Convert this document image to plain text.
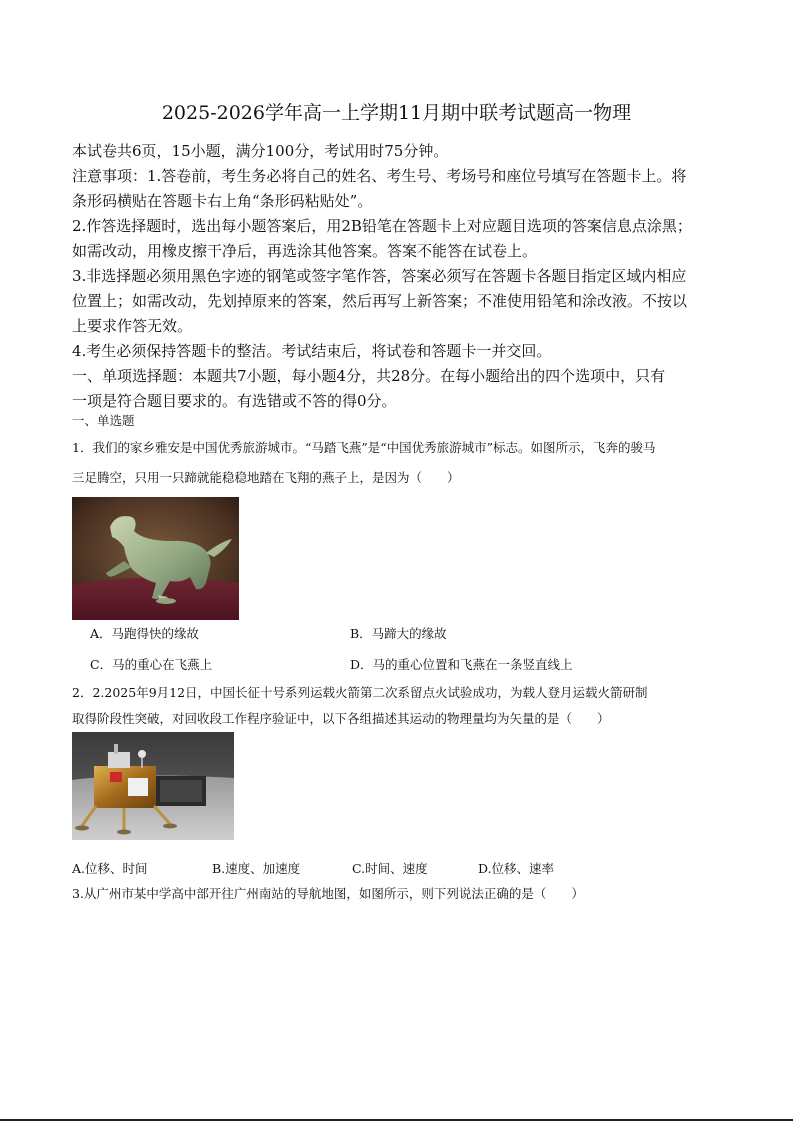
2025-2026学年高一上学期11月期中联考试题高一物理
本试卷共6页，15小题，满分100分，考试用时75分钟。
注意事项：1.答卷前，考生务必将自己的姓名、考生号、考场号和座位号填写在答题卡上。将
条形码横贴在答题卡右上角“条形码粘贴处”。
2.作答选择题时，选出每小题答案后，用2B铅笔在答题卡上对应题目选项的答案信息点涂黑；
如需改动，用橡皮擦干净后，再选涂其他答案。答案不能答在试卷上。
3.非选择题必须用黑色字迹的钢笔或签字笔作答，答案必须写在答题卡各题目指定区域内相应
位置上；如需改动，先划掉原来的答案，然后再写上新答案；不准使用铅笔和涂改液。不按以
上要求作答无效。
4.考生必须保持答题卡的整洁。考试结束后，将试卷和答题卡一并交回。
一、单项选择题：本题共7小题，每小题4分，共28分。在每小题给出的四个选项中，只有
一项是符合题目要求的。有选错或不答的得0分。
一、单选题
1．我们的家乡雅安是中国优秀旅游城市。“马踏飞燕”是“中国优秀旅游城市”标志。如图所示，飞奔的骏马
三足腾空，只用一只蹄就能稳稳地踏在飞翔的燕子上，是因为（　　）
A．马跑得快的缘故	B．马蹄大的缘故
C．马的重心在飞燕上	D．马的重心位置和飞燕在一条竖直线上
2．2.2025年9月12日，中国长征十号系列运载火箭第二次系留点火试验成功，为载人登月运载火箭研制
取得阶段性突破，对回收段工作程序验证中，以下各组描述其运动的物理量均为矢量的是（　　）
A.位移、时间	B.速度、加速度	C.时间、速度	D.位移、速率
3.从广州市某中学高中部开往广州南站的导航地图，如图所示，则下列说法正确的是（　　）
